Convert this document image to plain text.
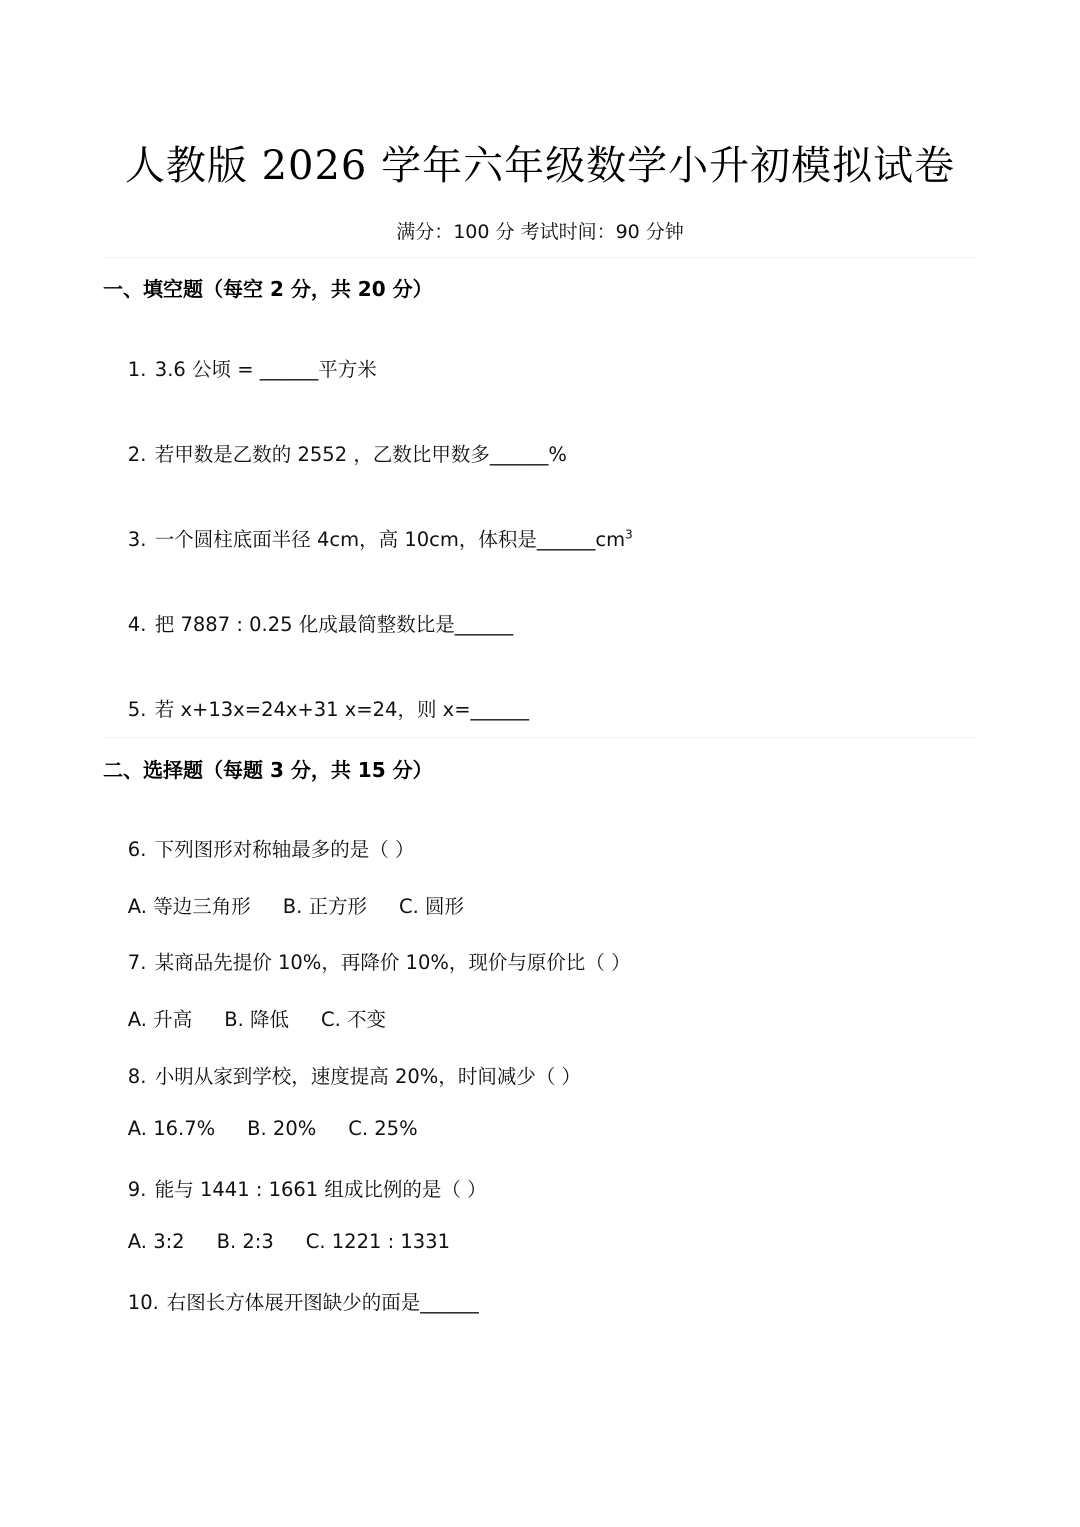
人教版 2026 学年六年级数学小升初模拟试卷
满分：100 分 考试时间：90 分钟
一、填空题（每空 2 分，共 20 分）

1. 3.6 公顷 = ______平方米

2. 若甲数是乙数的 2552 ，乙数比甲数多______%

3. 一个圆柱底面半径 4cm，高 10cm，体积是$\_\_\_\_\_\_cm^3$

4. 把 7887 : 0.25 化成最简整数比是______

5. 若 x+13x=24x+31 x=24，则 x=______

二、选择题（每题 3 分，共 15 分）

6. 下列图形对称轴最多的是（ ）

A. 等边三角形 B. 正方形 C. 圆形

7. 某商品先提价 10%，再降价 10%，现价与原价比（ ）

A. 升高 B. 降低 C. 不变

8. 小明从家到学校，速度提高 20%，时间减少（ ）

A. 16.7% B. 20% C. 25%

9. 能与 1441 : 1661 组成比例的是（ ）

A. 3:2 B. 2:3 C. 1221 : 1331

10. 右图长方体展开图缺少的面是______
